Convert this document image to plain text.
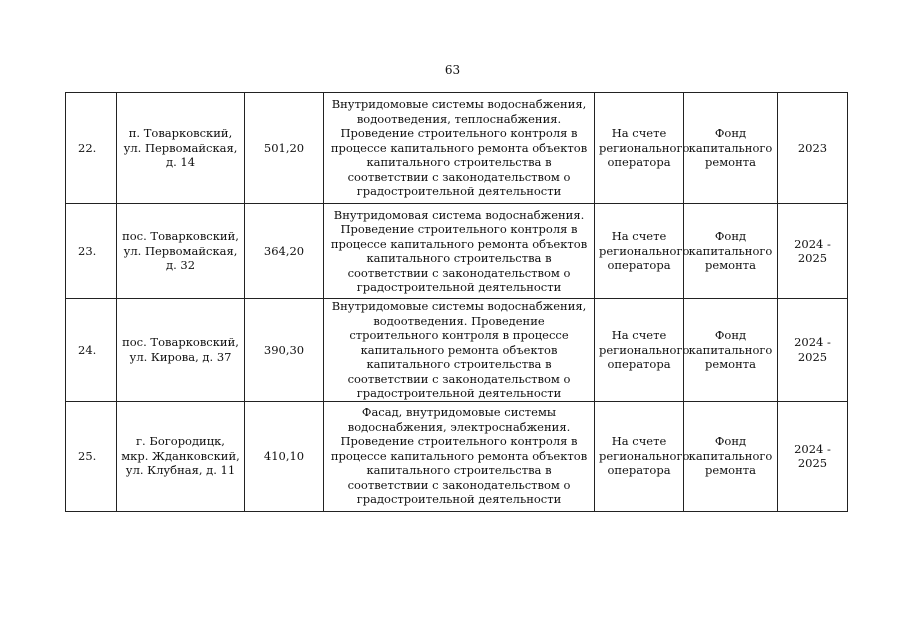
63
22.	п. Товарковский, ул. Первомайская, д. 14	501,20	Внутридомовые системы водоснабжения, водоотведения, теплоснабжения. Проведение строительного контроля в процессе капитального ремонта объектов капитального строительства в соответствии с законодательством о градостроительной деятельности	На счете регионального оператора	Фонд капитального ремонта	2023
23.	пос. Товарковский, ул. Первомайская, д. 32	364,20	Внутридомовая система водоснабжения. Проведение строительного контроля в процессе капитального ремонта объектов капитального строительства в соответствии с законодательством о градостроительной деятельности	На счете регионального оператора	Фонд капитального ремонта	2024 - 2025
24.	пос. Товарковский, ул. Кирова, д. 37	390,30	Внутридомовые системы водоснабжения, водоотведения. Проведение строительного контроля в процессе капитального ремонта объектов капитального строительства в соответствии с законодательством о градостроительной деятельности	На счете регионального оператора	Фонд капитального ремонта	2024 - 2025
25.	г. Богородицк, мкр. Жданковский, ул. Клубная, д. 11	410,10	Фасад, внутридомовые системы водоснабжения, электроснабжения. Проведение строительного контроля в процессе капитального ремонта объектов капитального строительства в соответствии с законодательством о градостроительной деятельности	На счете регионального оператора	Фонд капитального ремонта	2024 - 2025
